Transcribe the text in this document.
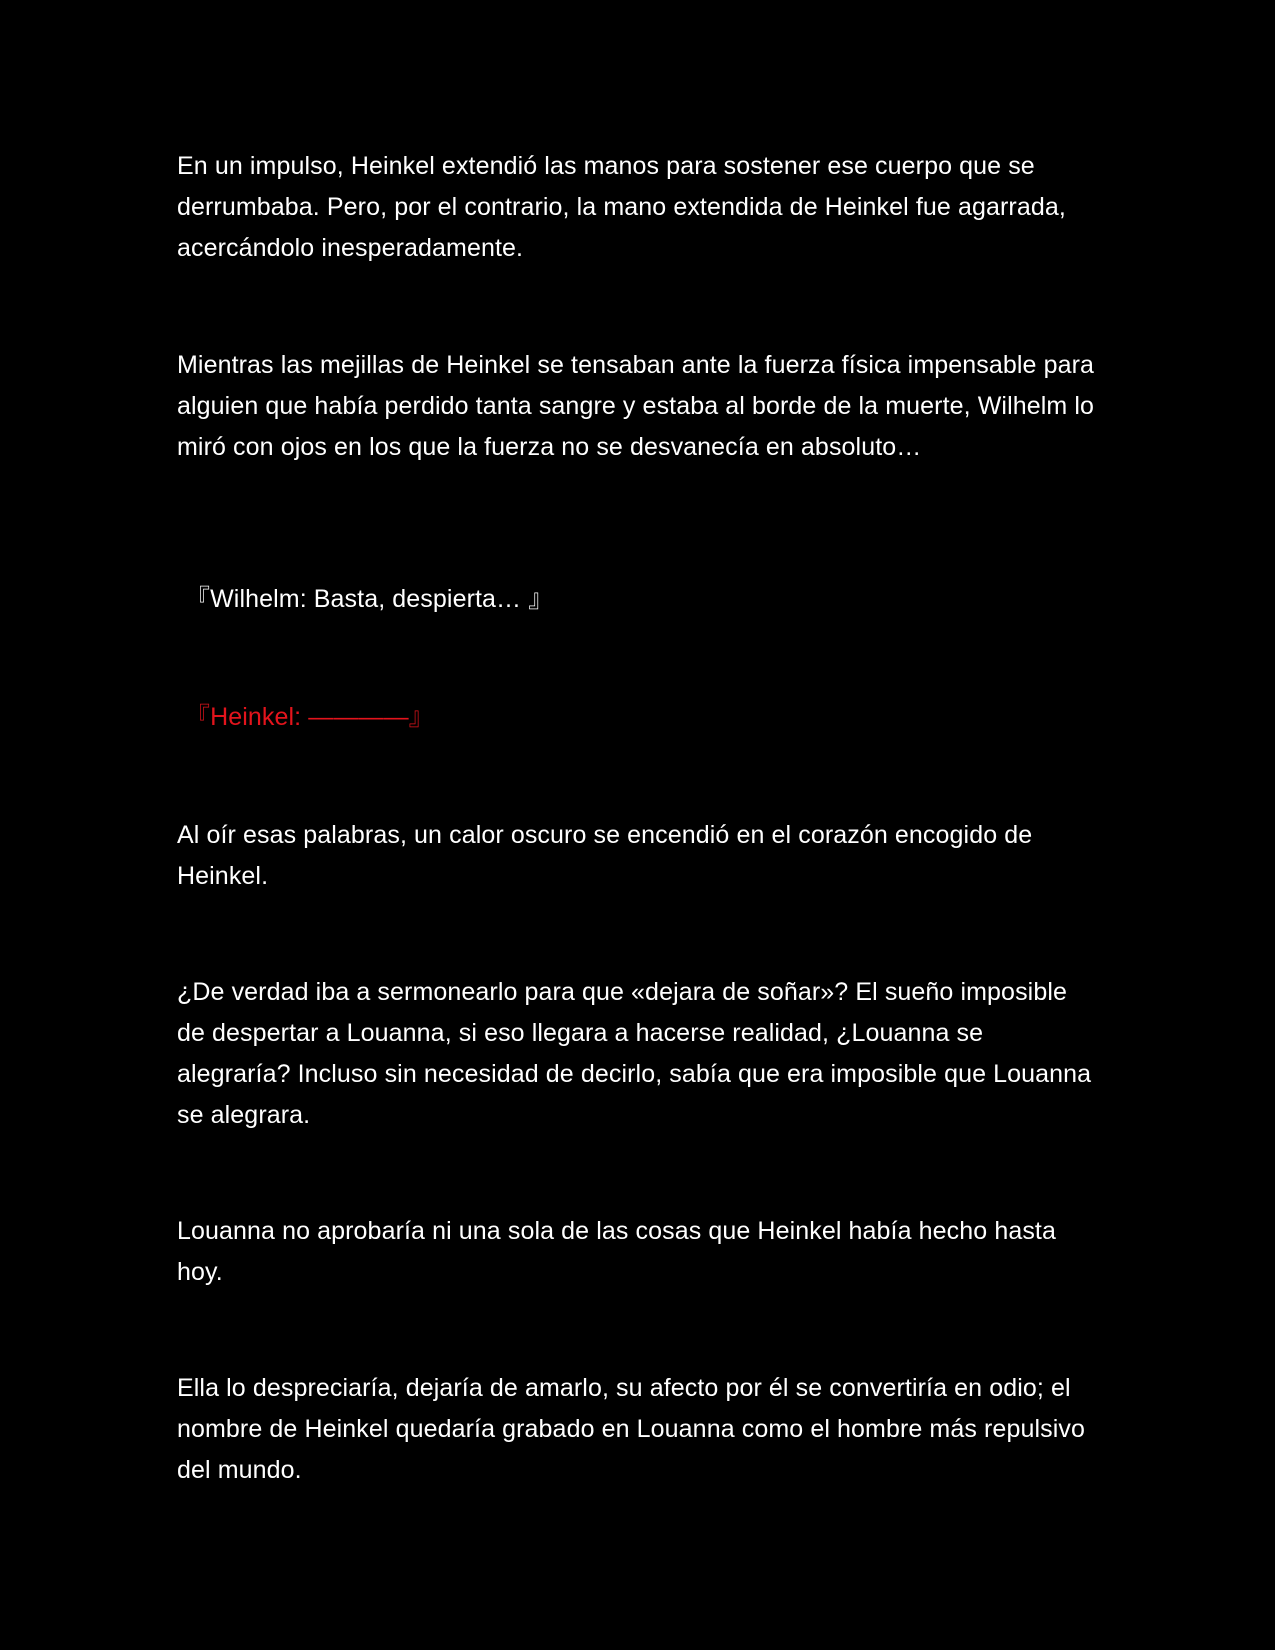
En un impulso, Heinkel extendió las manos para sostener ese cuerpo que se derrumbaba. Pero, por el contrario, la mano extendida de Heinkel fue agarrada, acercándolo inesperadamente.

Mientras las mejillas de Heinkel se tensaban ante la fuerza física impensable para alguien que había perdido tanta sangre y estaba al borde de la muerte, Wilhelm lo miró con ojos en los que la fuerza no se desvanecía en absoluto…

『Wilhelm: Basta, despierta… 』

『Heinkel: ————』

Al oír esas palabras, un calor oscuro se encendió en el corazón encogido de Heinkel.

¿De verdad iba a sermonearlo para que «dejara de soñar»? El sueño imposible de despertar a Louanna, si eso llegara a hacerse realidad, ¿Louanna se alegraría? Incluso sin necesidad de decirlo, sabía que era imposible que Louanna se alegrara.

Louanna no aprobaría ni una sola de las cosas que Heinkel había hecho hasta hoy.

Ella lo despreciaría, dejaría de amarlo, su afecto por él se convertiría en odio; el nombre de Heinkel quedaría grabado en Louanna como el hombre más repulsivo del mundo.
